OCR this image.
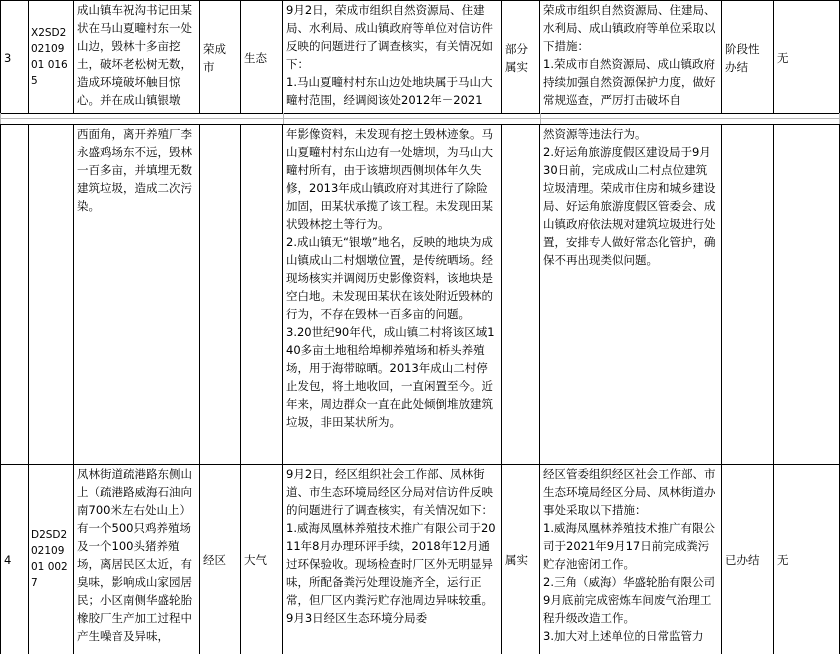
3
X2SD20210901 0165
成山镇车祝沟书记田某状在马山夏疃村东一处山边，毁林十多亩挖土，破坏老松树无数，造成环境破坏触目惊心。并在成山镇银墩
荣成市
生态
9月2日，荣成市组织自然资源局、住建局、水利局、成山镇政府等单位对信访件反映的问题进行了调查核实，有关情况如下：
1.马山夏疃村村东山边处地块属于马山大疃村范围，经调阅该处2012年－2021
部分属实
荣成市组织自然资源局、住建局、水利局、成山镇政府等单位采取以下措施：
1.荣成市自然资源局、成山镇政府持续加强自然资源保护力度，做好常规巡查，严厉打击破坏自
阶段性办结
无
西面角，离开养殖厂李永盛鸡场东不远，毁林一百多亩，并填埋无数建筑垃圾，造成二次污染。
年影像资料，未发现有挖土毁林迹象。马山夏疃村村东山边有一处塘坝，为马山大疃村所有，由于该塘坝西侧坝体年久失修，2013年成山镇政府对其进行了除险加固，田某状承揽了该工程。未发现田某状毁林挖土等行为。
2.成山镇无“银墩”地名，反映的地块为成山镇成山二村烟墩位置，是传统晒场。经现场核实并调阅历史影像资料，该地块是空白地。未发现田某状在该处附近毁林的行为，不存在毁林一百多亩的问题。
3.20世纪90年代，成山镇二村将该区域140多亩土地租给埠柳养殖场和桥头养殖场，用于海带晾晒。2013年成山二村停止发包，将土地收回，一直闲置至今。近年来，周边群众一直在此处倾倒堆放建筑垃圾，非田某状所为。
然资源等违法行为。
2.好运角旅游度假区建设局于9月30日前，完成成山二村点位建筑垃圾清理。荣成市住房和城乡建设局、好运角旅游度假区管委会、成山镇政府依法规对建筑垃圾进行处置，安排专人做好常态化管护，确保不再出现类似问题。
4
D2SD20210901 0027
凤林街道疏港路东侧山上（疏港路威海石油向南700米左右处山上）有一个500只鸡养殖场及一个100头猪养殖场，离居民区太近，有臭味，影响成山家园居民；小区南侧华盛轮胎橡胶厂生产加工过程中产生噪音及异味，
经区 大气
9月2日，经区组织社会工作部、凤林街道、市生态环境局经区分局对信访件反映的问题进行了调查核实，有关情况如下：
1.威海凤凰林养殖技术推广有限公司于2011年8月办理环评手续，2018年12月通过环保验收。现场检查时厂区外无明显异味，所配备粪污处理设施齐全，运行正常，但厂区内粪污贮存池周边异味较重。9月3日经区生态环境分局委
属实
经区管委组织经区社会工作部、市生态环境局经区分局、凤林街道办事处采取以下措施：
1.威海凤凰林养殖技术推广有限公司于2021年9月17日前完成粪污贮存池密闭工作。
2.三角（威海）华盛轮胎有限公司9月底前完成密炼车间废气治理工程升级改造工作。
3.加大对上述单位的日常监管力
已办结 无
